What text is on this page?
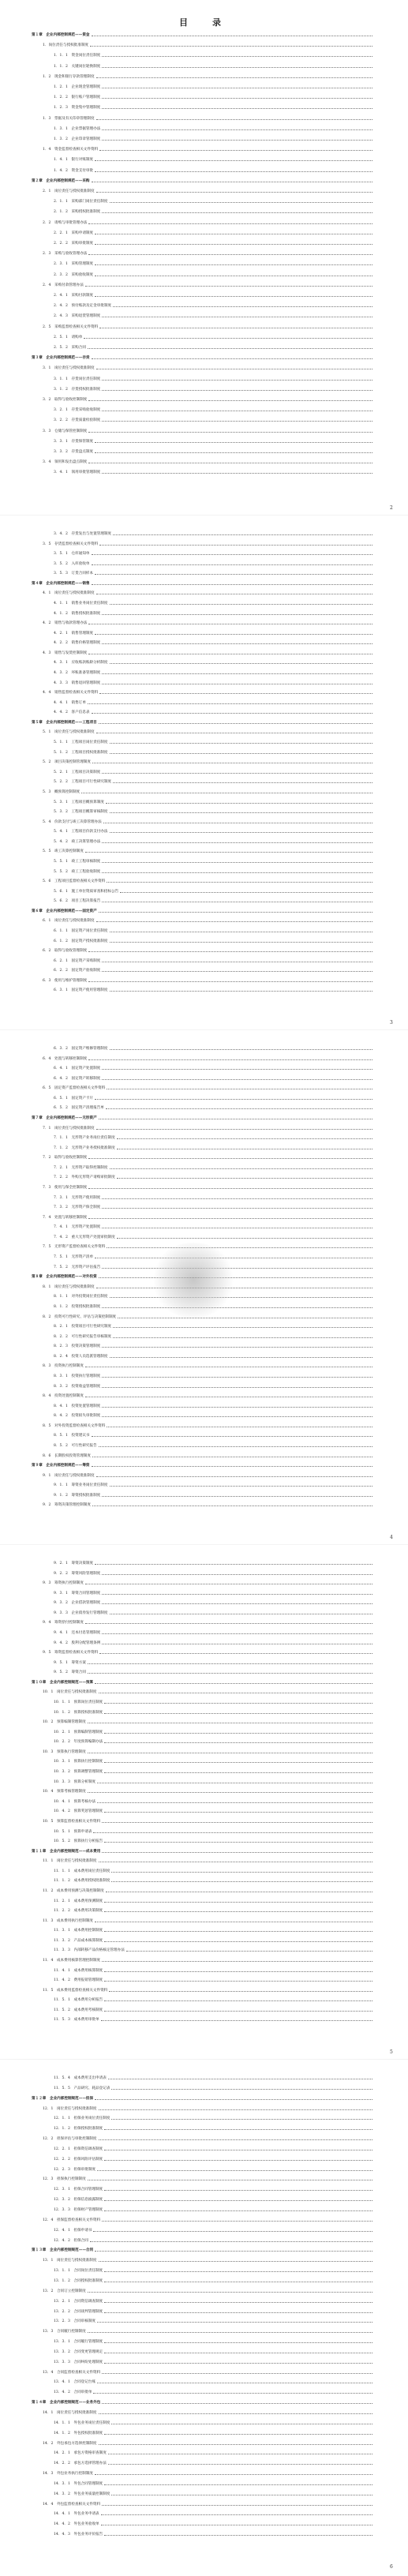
目　录
第１章　企业内部控制规范——资金
1．岗位责任与授权批准制度
1．1．1　资金岗位责任制度
1．1．2　关键岗位轮换制度
1．2　现金和银行存款管理制度
1．2．1　企业现金管理制度
1．2．2　银行账户管理制度
1．2．3　资金集中管理制度
1．3　票据及有关印章管理制度
1．3．1　企业票据管理办法
1．3．2　企业印章管理制度
1．4　资金监督检查相关文件资料
1．4．1　银行对账制度
1．4．2　资金支付审批
第２章　企业内部控制规范——采购
2．1　岗位责任与授权批准制度
2．1．1　采购部门岗位责任制度
2．1．2　采购授权批准制度
2．2　请购与审批管理办法
2．2．1　采购申请制度
2．2．2　采购审批制度
2．3　采购与验收管理办法
2．3．1　采购管理制度
2．3．2　采购验收制度
2．4　采购付款管理办法
2．4．1　采购付款制度
2．4．2　预付账款及定金审批制度
2．4．3　采购退货管理制度
2．5　采购监督检查相关文件资料
2．5．1　请购单
2．5．2　采购合同
第３章　企业内部控制规范——存货
3．1　岗位责任与授权批准制度
3．1．1　存货岗位责任制度
3．1．2　存货授权批准制度
3．2　取得与验收控制制度
3．2．1　存货采购验收制度
3．2．2　存货质量检验制度
3．3　仓储与保管控制制度
3．3．1　存货保管制度
3．3．2　存货盘点制度
3．4　领用和发出盘点制度
3．4．1　领用审批管理制度
2
3．4．2　存货发出与处置管理制度
3．5　存货监督检查相关文件资料
3．5．1　仓库通知单
3．5．2　入库验收单
3．5．3　订货合同样本
第４章　企业内部控制规范——销售
4．1　岗位责任与授权批准制度
4．1．1　销售业务岗位责任制度
4．1．2　销售授权批准制度
4．2　销售与收款管理办法
4．2．1　销售管理制度
4．2．2　销售价格管理制度
4．3　销售与发货控制制度
4．3．1　应收账款账龄分析制度
4．3．2　坏账准备管理制度
4．3．3　销售退回管理制度
4．4　销售监督检查相关文件资料
4．4．1　销售订单
4．4．2　客户信息表
第５章　企业内部控制规范——工程项目
5．1　岗位责任与授权批准制度
5．1．1　工程项目岗位责任制度
5．1．2　工程项目授权批准制度
5．2　项目决策控制管理制度
5．2．1　工程项目决策制度
5．2．2　工程项目可行性研究制度
5．3　概预算控制制度
5．3．1　工程项目概预算制度
5．3．2　工程项目概算审核制度
5．4　价款支付与竣工决算管理办法
5．4．1　工程项目价款支付办法
5．4．2　竣工决算管理办法
5．5　竣工决算控制制度
5．5．1　竣工工程审核制度
5．5．2　竣工工程验收制度
5．6　工程项目监督检查相关文件资料
5．6．1　施工单位资质审查和招标公告
5．6．2　项目工程决算报告
第６章　企业内部控制规范——固定资产
6．1　岗位责任与授权批准制度
6．1．1　固定资产岗位责任制度
6．1．2　固定资产授权批准制度
6．2　取得与验收管理制度
6．2．1　固定资产采购制度
6．2．2　固定资产验收制度
6．3　使用与维护管理制度
6．3．1　固定资产使用管理制度
3
6．3．2　固定资产维修管理制度
6．4　处置与转移控制制度
6．4．1　固定资产处置制度
6．4．2　固定资产转移制度
6．5　固定资产监督检查相关文件资料
6．5．1　固定资产卡片
6．5．2　固定资产清理报告单
第７章　企业内部控制规范——无形资产
7．1　岗位责任与授权批准制度
7．1．1　无形资产业务岗位责任制度
7．1．2　无形资产业务授权批准制度
7．2　取得与验收控制制度
7．2．1　无形资产取得控制制度
7．2．2　外购无形资产请购审批制度
7．3　使用与保全控制制度
7．3．1　无形资产使用制度
7．3．2　无形资产保全制度
7．4　处置与转移控制制度
7．4．1　无形资产处置制度
7．4．2　重大无形资产处置审批制度
7．5　无形资产监督检查相关文件资料
7．5．1　无形资产清单
7．5．2　无形资产评估报告
第８章　企业内部控制规范——对外投资
8．1　岗位责任与授权批准制度
8．1．1　对外投资岗位责任制度
8．1．2　投资授权批准制度
8．2　投资可行性研究、评估与决策控制制度
8．2．1　投资项目可行性研究制度
8．2．2　可行性研究报告审核制度
8．2．3　投资决策管理制度
8．2．4　投资人员选派管理制度
8．3　投资执行控制制度
8．3．1　投资执行管理制度
8．3．2　投资收益管理制度
8．4　投资处置控制制度
8．4．1　投资处置管理制度
8．4．2　投资损失审批制度
8．5　对外投资监督检查相关文件资料
8．5．1　投资建议书
8．5．2　可行性研究报告
8．6　长期股权投资管理制度
第９章　企业内部控制规范——筹资
9．1　岗位责任与授权批准制度
9．1．1　筹资业务岗位责任制度
9．1．2　筹资授权批准制度
9．2　筹资决策管理控制制度
4
9．2．1　筹资决策制度
9．2．2　筹资风险管理制度
9．3　筹资执行控制制度
9．3．1　筹资合同管理制度
9．3．2　企业借款管理制度
9．3．3　企业债券发行管理制度
9．4　筹资偿付控制制度
9．4．1　还本付息管理制度
9．4．2　股利分配管理条例
9．5　筹资监督检查相关文件资料
9．5．1　筹资方案
9．5．2　筹资合同
第１０章　企业内部控制规范——预算
10．1　岗位责任与授权批准制度
10．1．1　预算岗位责任制度
10．1．2　预算授权批准制度
10．2　预算编制管理制度
10．2．1　预算编制管理制度
10．2．2　年度预算编制办法
10．3　预算执行管理制度
10．3．1　预算执行控制制度
10．3．2　预算调整管理制度
10．3．3　预算分析制度
10．4　预算考核管理制度
10．4．1　预算考核办法
10．4．2　预算奖惩管理制度
10．5　预算监督检查相关文件资料
10．5．1　预算申请表
10．5．2　预算执行分析报告
第１１章　企业内部控制规范——成本费用
11．1　岗位责任与授权批准制度
11．1．1　成本费用岗位责任制度
11．1．2　成本费用授权批准制度
11．2　成本费用预测与决策控制制度
11．2．1　成本费用预测制度
11．2．2　成本费用决策制度
11．3　成本费用执行控制制度
11．3．1　成本费用控制制度
11．3．2　产品成本核算制度
11．3．3　内部转移产品价格核定管理办法
11．4　成本费用核算管理控制制度
11．4．1　成本费用核算制度
11．4．2　费用报销管理制度
11．5　成本费用监督检查相关文件资料
11．5．1　成本费用分析报告
11．5．2　成本费用考核制度
11．5．3　成本费用审批单
5
11．5．4　成本费用支出申请表
11．5．5　产品研究、耗品登记表
第１２章　企业内部控制规范——担保
12．1　岗位责任与授权批准制度
12．1．1　担保业务岗位责任制度
12．1．2　担保授权批准制度
12．2　担保评估与审批控制制度
12．2．1　担保资信调查制度
12．2．2　担保风险评估制度
12．2．3　担保审批制度
12．3　担保执行控制制度
12．3．1　担保合同管理制度
12．3．2　担保信息披露制度
12．3．3　担保财产管理制度
12．4　担保监督检查相关文件资料
12．4．1　担保申请书
12．4．2　担保合同
第１３章　企业内部控制规范——合同
13．1　岗位责任与授权批准制度
13．1．1　合同岗位责任制度
13．1．2　合同授权批准制度
13．2　合同订立控制制度
13．2．1　合同资信调查制度
13．2．2　合同谈判管理制度
13．2．3　合同审核制度
13．3　合同履行控制制度
13．3．1　合同履行管理制度
13．3．2　合同变更管理规定
13．3．3　合同纠纷处理制度
13．4　合同监督检查相关文件资料
13．4．1　合同登记台账
13．4．2　合同审批单
第１４章　企业内部控制规范——业务外包
14．1　岗位责任与授权批准制度
14．1．1　外包业务岗位责任制度
14．1．2　外包授权批准制度
14．2　外包承包方选择控制制度
14．2．1　承包方资格审查制度
14．2．2　承包方选择管理办法
14．3　外包业务执行控制制度
14．3．1　外包合同管理制度
14．3．2　外包业务质量控制制度
14．4　外包监督检查相关文件资料
14．4．1　外包业务申请表
14．4．2　外包业务验收单
14．4．3　外包业务评价报告
6
